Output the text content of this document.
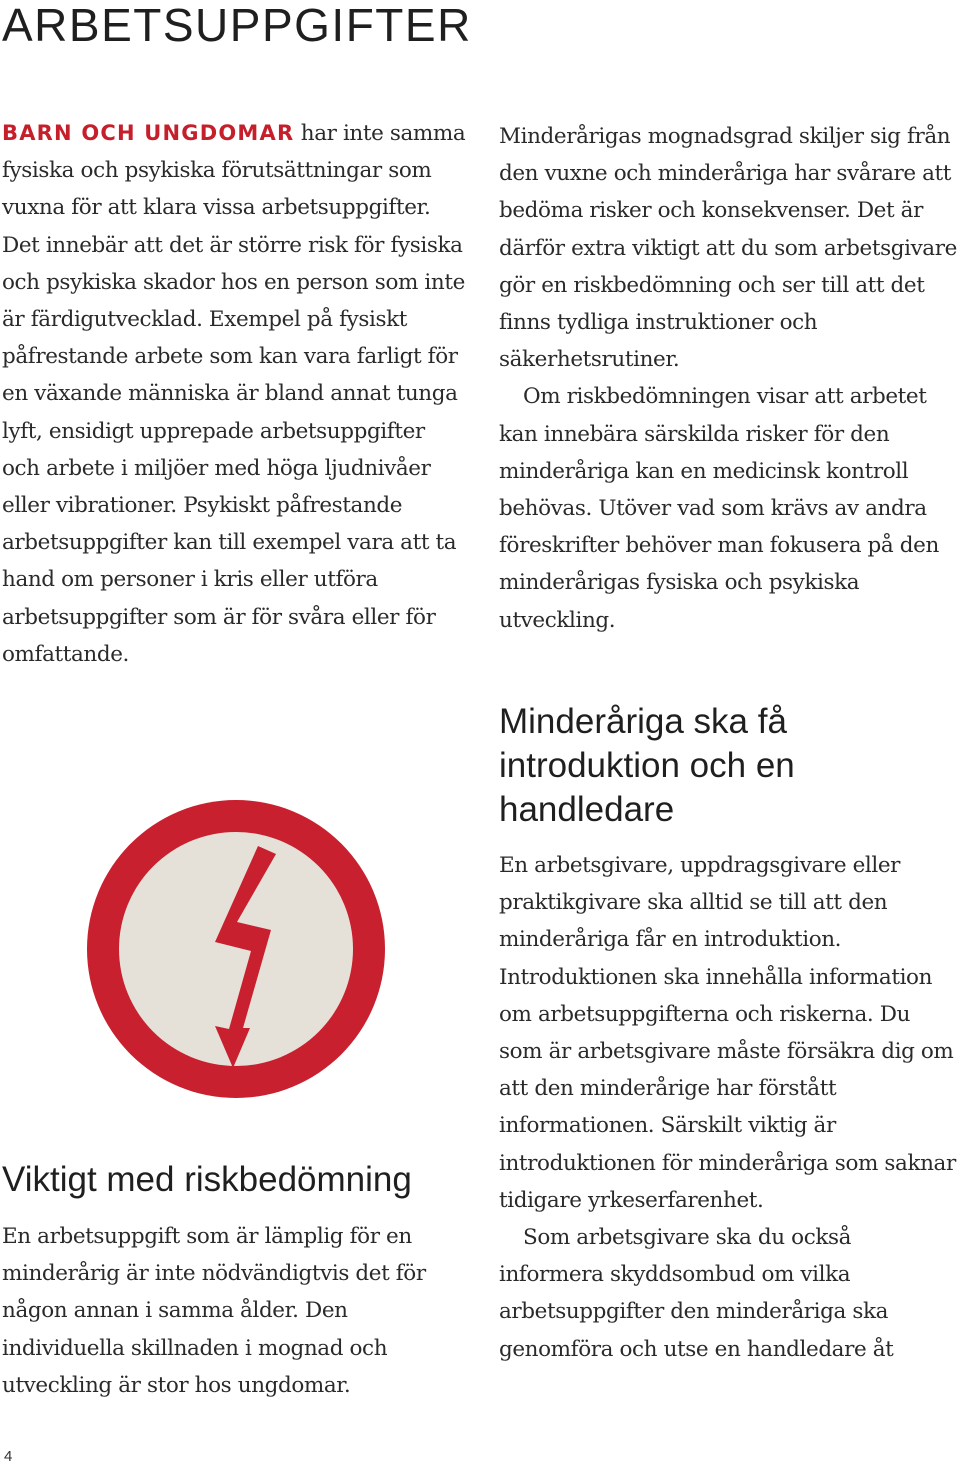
ARBETSUPPGIFTER

BARN OCH UNGDOMAR har inte samma fysiska och psykiska förutsättningar som vuxna för att klara vissa arbetsuppgifter. Det innebär att det är större risk för fysiska och psykiska skador hos en person som inte är färdigutvecklad. Exempel på fysiskt påfrestande arbete som kan vara farligt för en växande människa är bland annat tunga lyft, ensidigt upprepade arbetsuppgifter och arbete i miljöer med höga ljudnivåer eller vibrationer. Psykiskt påfrestande arbetsuppgifter kan till exempel vara att ta hand om personer i kris eller utföra arbetsuppgifter som är för svåra eller för omfattande.

Viktigt med riskbedömning

En arbetsuppgift som är lämplig för en minderårig är inte nödvändigtvis det för någon annan i samma ålder. Den individuella skillnaden i mognad och utveckling är stor hos ungdomar.

Minderårigas mognadsgrad skiljer sig från den vuxne och minderåriga har svårare att bedöma risker och konsekvenser. Det är därför extra viktigt att du som arbetsgivare gör en riskbedömning och ser till att det finns tydliga instruktioner och säkerhetsrutiner.

Om riskbedömningen visar att arbetet kan innebära särskilda risker för den minderåriga kan en medicinsk kontroll behövas. Utöver vad som krävs av andra föreskrifter behöver man fokusera på den minderårigas fysiska och psykiska utveckling.

Minderåriga ska få introduktion och en handledare

En arbetsgivare, uppdragsgivare eller praktikgivare ska alltid se till att den minderåriga får en introduktion. Introduktionen ska innehålla information om arbetsuppgifterna och riskerna. Du som är arbetsgivare måste försäkra dig om att den minderårige har förstått informationen. Särskilt viktig är introduktionen för minderåriga som saknar tidigare yrkeserfarenhet.

Som arbetsgivare ska du också informera skyddsombud om vilka arbetsuppgifter den minderåriga ska genomföra och utse en handledare åt

4
